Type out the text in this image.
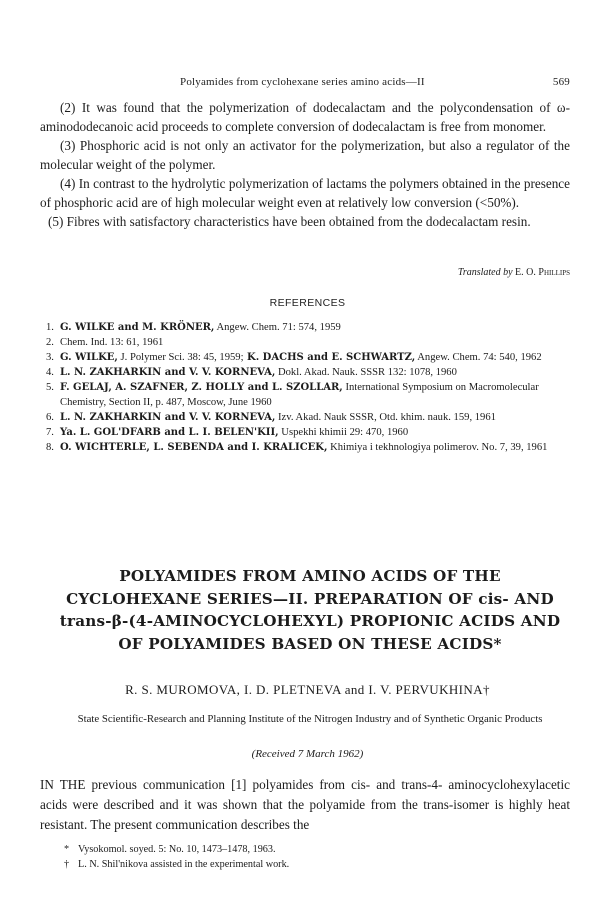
Polyamides from cyclohexane series amino acids—II	569

(2) It was found that the polymerization of dodecalactam and the polycondensation of ω-aminododecanoic acid proceeds to complete conversion of dodecalactam is free from monomer.

(3) Phosphoric acid is not only an activator for the polymerization, but also a regulator of the molecular weight of the polymer.

(4) In contrast to the hydrolytic polymerization of lactams the polymers obtained in the presence of phosphoric acid are of high molecular weight even at relatively low conversion (<50%).

(5) Fibres with satisfactory characteristics have been obtained from the dodecalactam resin.

Translated by E. O. Phillips
REFERENCES

1. G. WILKE and M. KRÖNER, Angew. Chem. 71: 574, 1959

2. Chem. Ind. 13: 61, 1961

3. G. WILKE, J. Polymer Sci. 38: 45, 1959; K. DACHS and E. SCHWARTZ, Angew. Chem. 74: 540, 1962

4. L. N. ZAKHARKIN and V. V. KORNEVA, Dokl. Akad. Nauk. SSSR 132: 1078, 1960

5. F. GELAJ, A. SZAFNER, Z. HOLLY and L. SZOLLAR, International Symposium on Macromolecular Chemistry, Section II, p. 487, Moscow, June 1960

6. L. N. ZAKHARKIN and V. V. KORNEVA, Izv. Akad. Nauk SSSR, Otd. khim. nauk. 159, 1961

7. Ya. L. GOL'DFARB and L. I. BELEN'KII, Uspekhi khimii 29: 470, 1960

8. O. WICHTERLE, L. SEBENDA and I. KRALICEK, Khimiya i tekhnologiya polimerov. No. 7, 39, 1961

POLYAMIDES FROM AMINO ACIDS OF THE
CYCLOHEXANE SERIES—II. PREPARATION OF cis- AND
trans-β-(4-AMINOCYCLOHEXYL) PROPIONIC ACIDS AND
OF POLYAMIDES BASED ON THESE ACIDS*
R. S. MUROMOVA, I. D. PLETNEVA and I. V. PERVUKHINA†
State Scientific-Research and Planning Institute of the Nitrogen Industry and of Synthetic Organic Products
(Received 7 March 1962)

IN THE previous communication [1] polyamides from cis- and trans-4- aminocyclohexylacetic acids were described and it was shown that the polyamide from the trans-isomer is highly heat resistant. The present communication describes the

* Vysokomol. soyed. 5: No. 10, 1473–1478, 1963.

† L. N. Shil'nikova assisted in the experimental work.
